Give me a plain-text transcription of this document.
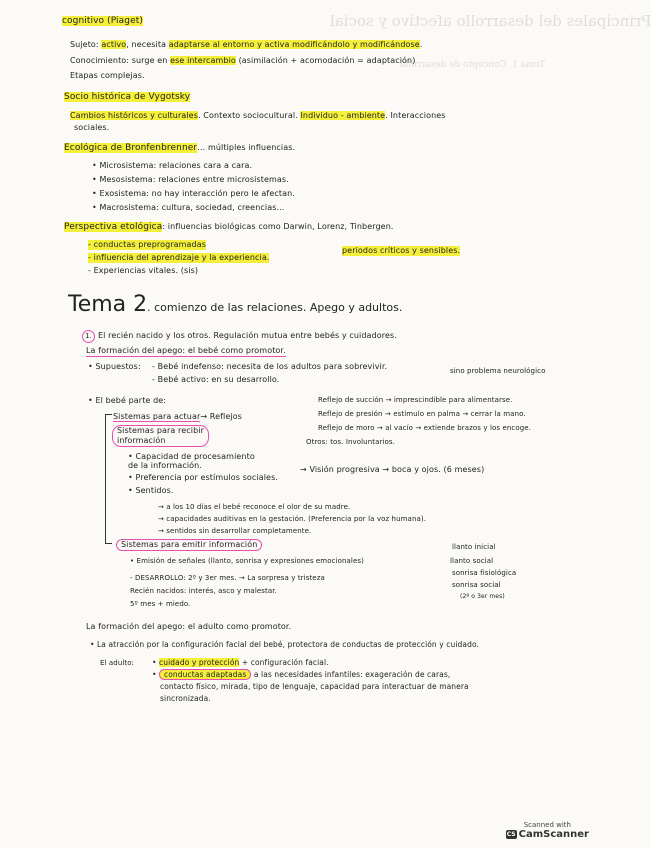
Principales del desarrollo afectivo y social
Tema 1. Concepto de desarrollo
cognitivo (Piaget)
Sujeto: activo, necesita adaptarse al entorno y activa modificándolo y modificándose.
Conocimiento: surge en ese intercambio (asimilación + acomodación = adaptación)
Etapas complejas.
Socio histórica de Vygotsky
Cambios históricos y culturales. Contexto sociocultural. Individuo - ambiente. Interacciones
sociales.
Ecológica de Bronfenbrenner… múltiples influencias.
• Microsistema: relaciones cara a cara.
• Mesosistema: relaciones entre microsistemas.
• Exosistema: no hay interacción pero le afectan.
• Macrosistema: cultura, sociedad, creencias...
Perspectiva etológica: influencias biológicas como Darwin, Lorenz, Tinbergen.
- conductas preprogramadas
- influencia del aprendizaje y la experiencia.
- Experiencias vitales. (sis)
periodos críticos y sensibles.
Tema 2. comienzo de las relaciones. Apego y adultos.
1. El recién nacido y los otros. Regulación mutua entre bebés y cuidadores.
La formación del apego: el bebé como promotor.
• Supuestos: - Bebé indefenso: necesita de los adultos para sobrevivir.
- Bebé activo: en su desarrollo.
sino problema neurológico
• El bebé parte de:
Sistemas para actuar→ Reflejos
Reflejo de succión → imprescindible para alimentarse.
Reflejo de presión → estímulo en palma → cerrar la mano.
Reflejo de moro → al vacío → extiende brazos y los encoge.
Otros: tos. Involuntarios.
Sistemas para recibir
información
• Capacidad de procesamiento
de la información.
• Preferencia por estímulos sociales.
• Sentidos.
→ Visión progresiva → boca y ojos. (6 meses)
→ a los 10 días el bebé reconoce el olor de su madre.
→ capacidades auditivas en la gestación. (Preferencia por la voz humana).
→ sentidos sin desarrollar completamente.
Sistemas para emitir información
• Emisión de señales (llanto, sonrisa y expresiones emocionales)
- DESARROLLO: 2º y 3er mes. → La sorpresa y tristeza
Recién nacidos: interés, asco y malestar.
5º mes + miedo.
llanto inicial
llanto social
sonrisa fisiológica
sonrisa social
(2º o 3er mes)
La formación del apego: el adulto como promotor.
• La atracción por la configuración facial del bebé, protectora de conductas de protección y cuidado.
El adulto: • cuidado y protección + configuración facial.
• conductas adaptadas a las necesidades infantiles: exageración de caras,
contacto físico, mirada, tipo de lenguaje, capacidad para interactuar de manera
sincronizada.
Scanned with
CS CamScanner
